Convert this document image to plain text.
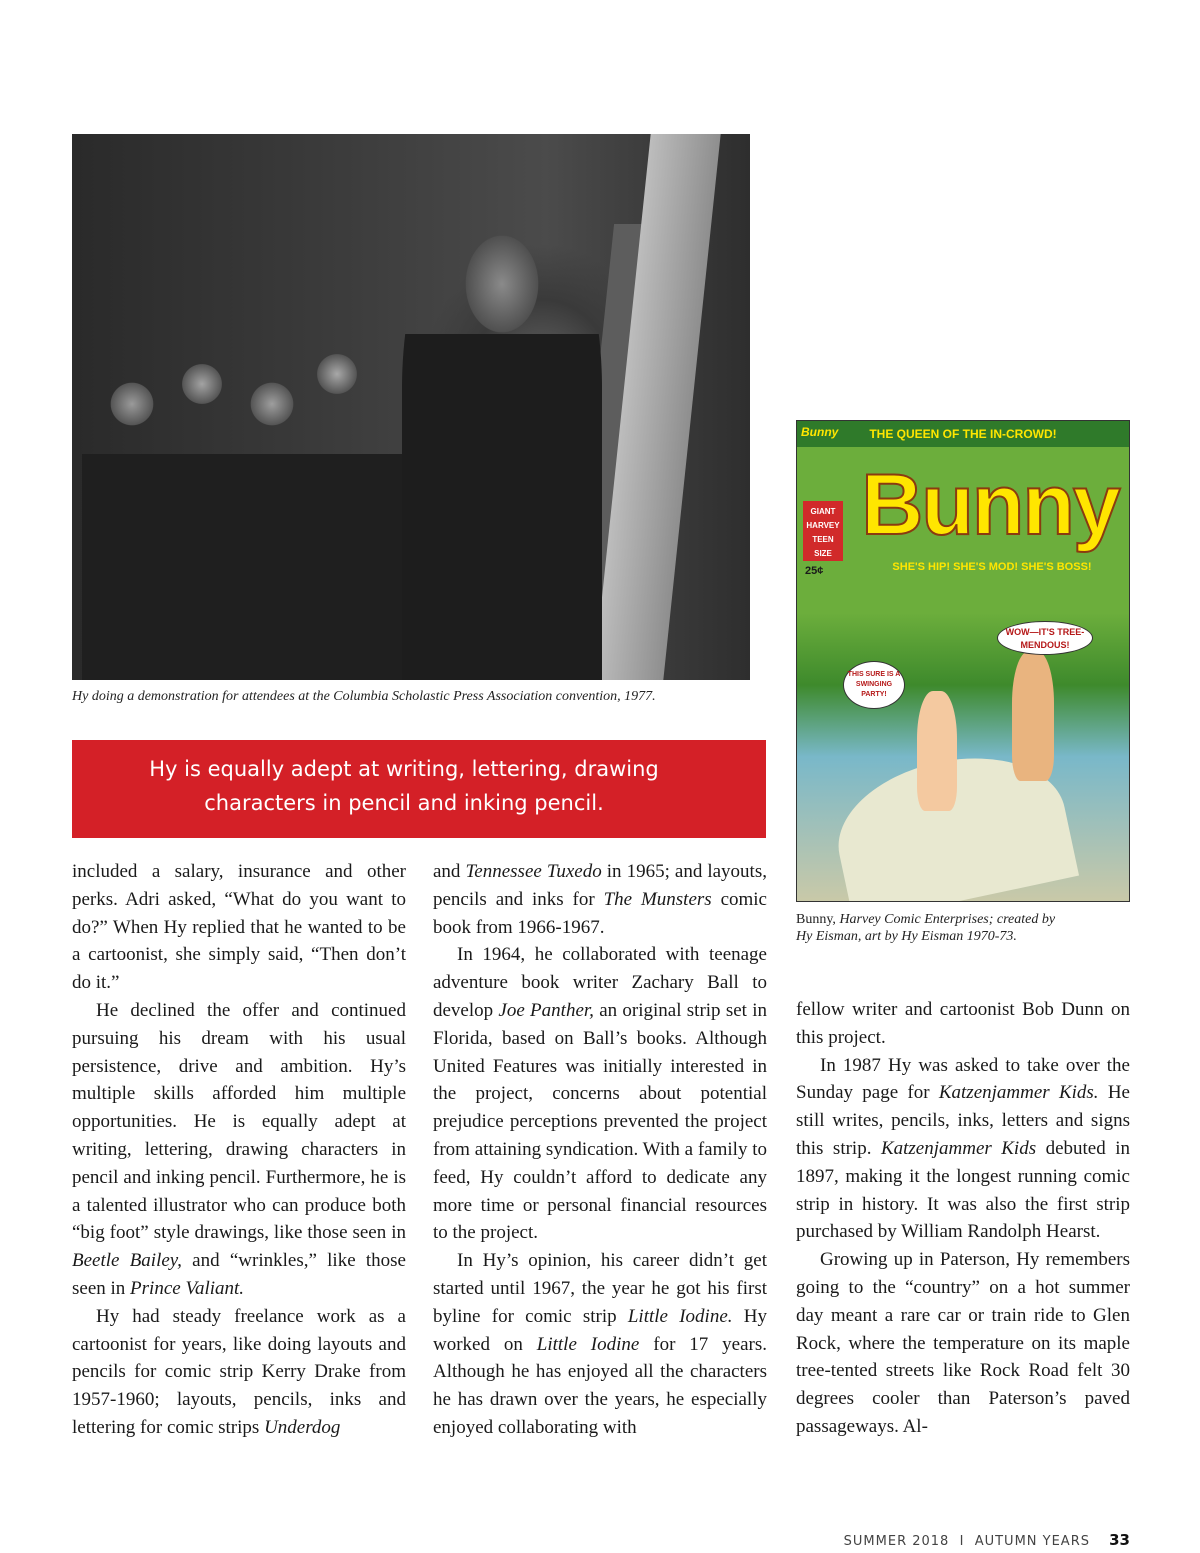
Hy doing a demonstration for attendees at the Columbia Scholastic Press Association convention, 1977.
THE QUEEN OF THE IN-CROWD!
Bunny
Bunny
GIANT HARVEY TEEN SIZE
25¢	SHE'S HIP! SHE'S MOD! SHE'S BOSS!
WOW—IT'S TREE-MENDOUS!
THIS SURE IS A SWINGING PARTY!
Bunny, Harvey Comic Enterprises; created by
Hy Eisman, art by Hy Eisman 1970-73.
Hy is equally adept at writing, lettering, drawing characters in pencil and inking pencil.

included a salary, insurance and other perks. Adri asked, “What do you want to do?” When Hy replied that he wanted to be a cartoonist, she simply said, “Then don’t do it.”

He declined the offer and continued pursuing his dream with his usual persistence, drive and ambition. Hy’s multiple skills afforded him multiple opportunities. He is equally adept at writing, lettering, drawing characters in pencil and inking pencil. Furthermore, he is a talented illustrator who can produce both “big foot” style drawings, like those seen in Beetle Bailey, and “wrinkles,” like those seen in Prince Valiant.

Hy had steady freelance work as a cartoonist for years, like doing layouts and pencils for comic strip Kerry Drake from 1957-1960; layouts, pencils, inks and lettering for comic strips Underdog

and Tennessee Tuxedo in 1965; and layouts, pencils and inks for The Munsters comic book from 1966-1967.

In 1964, he collaborated with teenage adventure book writer Zachary Ball to develop Joe Panther, an original strip set in Florida, based on Ball’s books. Although United Features was initially interested in the project, concerns about potential prejudice perceptions prevented the project from attaining syndication. With a family to feed, Hy couldn’t afford to dedicate any more time or personal financial resources to the project.

In Hy’s opinion, his career didn’t get started until 1967, the year he got his first byline for comic strip Little Iodine. Hy worked on Little Iodine for 17 years. Although he has enjoyed all the characters he has drawn over the years, he especially enjoyed collaborating with

fellow writer and cartoonist Bob Dunn on this project.

In 1987 Hy was asked to take over the Sunday page for Katzenjammer Kids. He still writes, pencils, inks, letters and signs this strip. Katzenjammer Kids debuted in 1897, making it the longest running comic strip in history. It was also the first strip purchased by William Randolph Hearst.

Growing up in Paterson, Hy remembers going to the “country” on a hot summer day meant a rare car or train ride to Glen Rock, where the temperature on its maple tree-tented streets like Rock Road felt 30 degrees cooler than Paterson’s paved passageways. Al-

SUMMER 2018 I AUTUMN YEARS 33
